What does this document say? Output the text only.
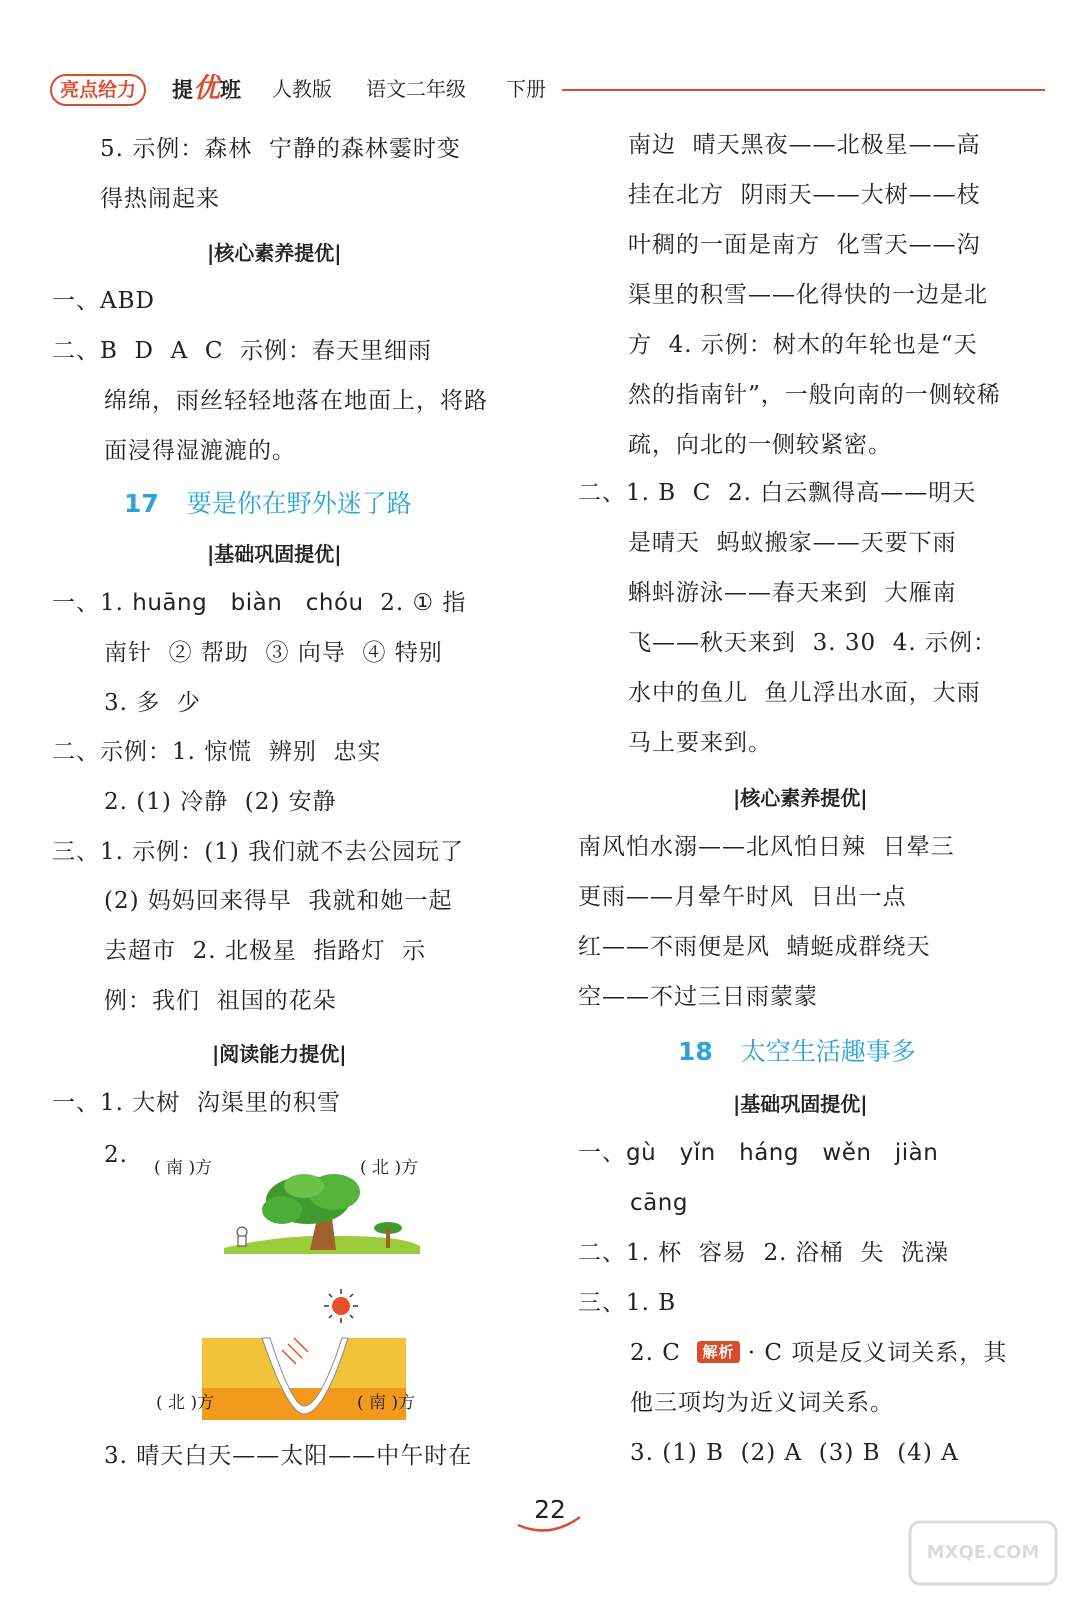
亮点给力	提优班 人教版 语文二年级 下册
5. 示例：森林  宁静的森林霎时变
得热闹起来
|核心素养提优|
一、ABD
二、B  D  A  C  示例：春天里细雨
绵绵，雨丝轻轻地落在地面上，将路
面浸得湿漉漉的。
17 要是你在野外迷了路
|基础巩固提优|
一、1. huāng   biàn   chóu  2. ① 指
南针  ② 帮助  ③ 向导  ④ 特别
3. 多  少
二、示例：1. 惊慌  辨别  忠实
2. (1) 冷静  (2) 安静
三、1. 示例：(1) 我们就不去公园玩了
(2) 妈妈回来得早  我就和她一起
去超市  2. 北极星  指路灯  示
例：我们  祖国的花朵
|阅读能力提优|
一、1. 大树  沟渠里的积雪
2. ( 南 )方	( 北 )方
( 北 )方	( 南 )方
3. 晴天白天——太阳——中午时在
南边  晴天黑夜——北极星——高
挂在北方  阴雨天——大树——枝
叶稠的一面是南方  化雪天——沟
渠里的积雪——化得快的一边是北
方  4. 示例：树木的年轮也是“天
然的指南针”，一般向南的一侧较稀
疏，向北的一侧较紧密。
二、1. B  C  2. 白云飘得高——明天
是晴天  蚂蚁搬家——天要下雨
蝌蚪游泳——春天来到  大雁南
飞——秋天来到  3. 30  4. 示例：
水中的鱼儿  鱼儿浮出水面，大雨
马上要来到。
|核心素养提优|
南风怕水溺——北风怕日辣  日晕三
更雨——月晕午时风  日出一点
红——不雨便是风  蜻蜓成群绕天
空——不过三日雨蒙蒙
18 太空生活趣事多
|基础巩固提优|
一、gù   yǐn   háng   wěn   jiàn
cāng
二、1. 杯  容易  2. 浴桶  失  洗澡
三、1. B
2. C  解析 · C 项是反义词关系，其
他三项均为近义词关系。
3. (1) B  (2) A  (3) B  (4) A
22
MXQE.COM
